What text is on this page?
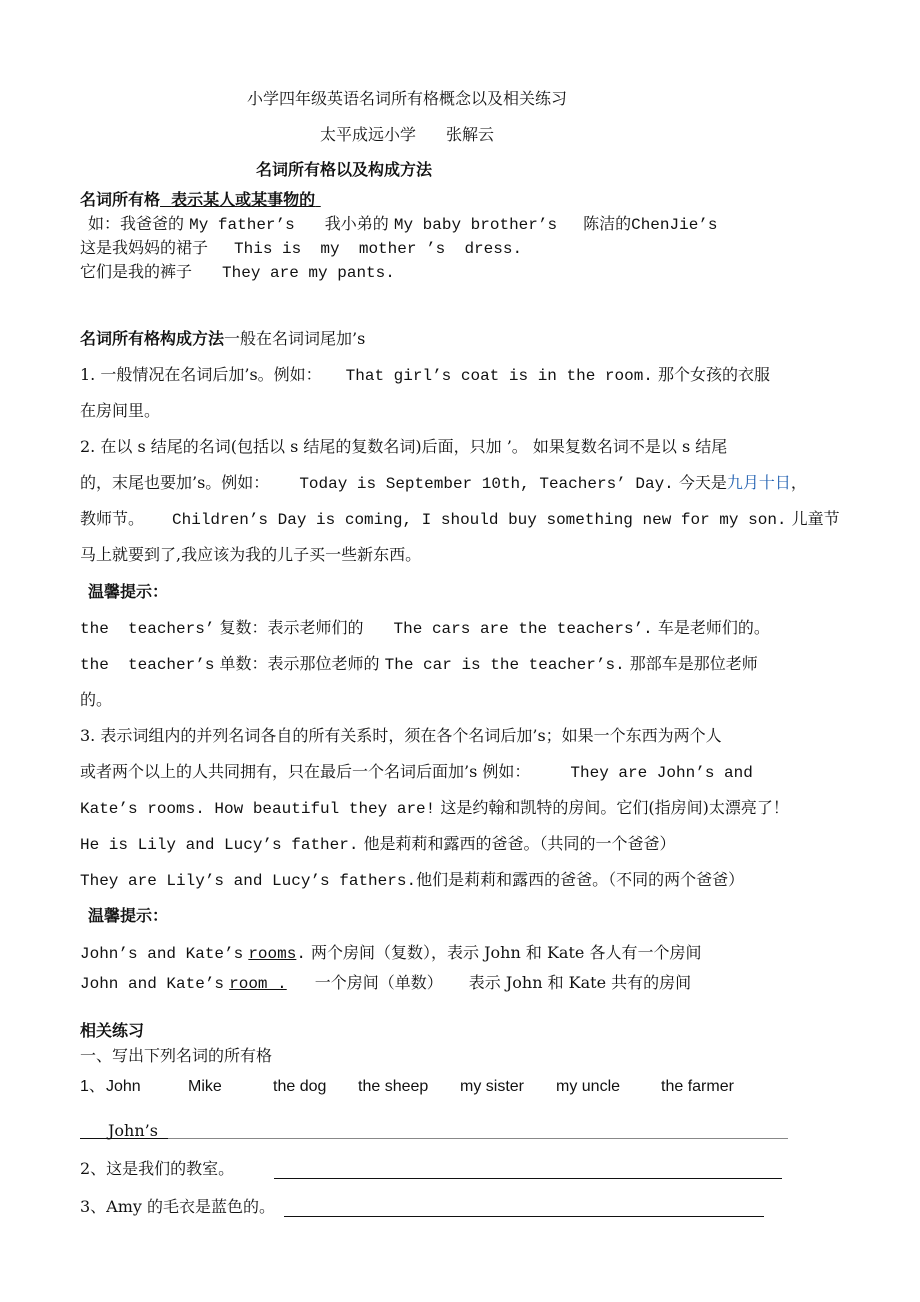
小学四年级英语名词所有格概念以及相关练习
太平成远小学 张解云
名词所有格以及构成方法
名词所有格 表示某人或某事物的
如：我爸爸的 My father’s 我小弟的 My baby brother’s 陈洁的ChenJie’s
这是我妈妈的裙子 This is  my  mother ’s  dress.
它们是我的裤子 They are my pants.
名词所有格构成方法一般在名词词尾加’s
1. 一般情况在名词后加’s。例如： That girl’s coat is in the room. 那个女孩的衣服
在房间里。
2. 在以 s 结尾的名词(包括以 s 结尾的复数名词)后面，只加 ’。 如果复数名词不是以 s 结尾
的，末尾也要加’s。例如： Today is September 10th, Teachers’ Day. 今天是九月十日，
教师节。 Children’s Day is coming, I should buy something new for my son. 儿童节
马上就要到了,我应该为我的儿子买一些新东西。
温馨提示：
the  teachers’ 复数：表示老师们的 The cars are the teachers’. 车是老师们的。
the  teacher’s 单数：表示那位老师的 The car is the teacher’s. 那部车是那位老师
的。
3. 表示词组内的并列名词各自的所有关系时，须在各个名词后加’s；如果一个东西为两个人
或者两个以上的人共同拥有，只在最后一个名词后面加’s 例如：	They are John’s and
Kate’s rooms. How beautiful they are! 这是约翰和凯特的房间。它们(指房间)太漂亮了！
He is Lily and Lucy’s father. 他是莉莉和露西的爸爸。（共同的一个爸爸）
They are Lily’s and Lucy’s fathers.他们是莉莉和露西的爸爸。（不同的两个爸爸）
温馨提示：
John’s and Kate’s rooms. 两个房间（复数），表示 John 和 Kate 各人有一个房间
John and Kate’s room . 一个房间（单数） 表示 John 和 Kate 共有的房间
相关练习
一、写出下列名词的所有格
1、 John	Mike	the dog the sheep my sister my uncle	the farmer
John’s
2、这是我们的教室。
3、Amy 的毛衣是蓝色的。
